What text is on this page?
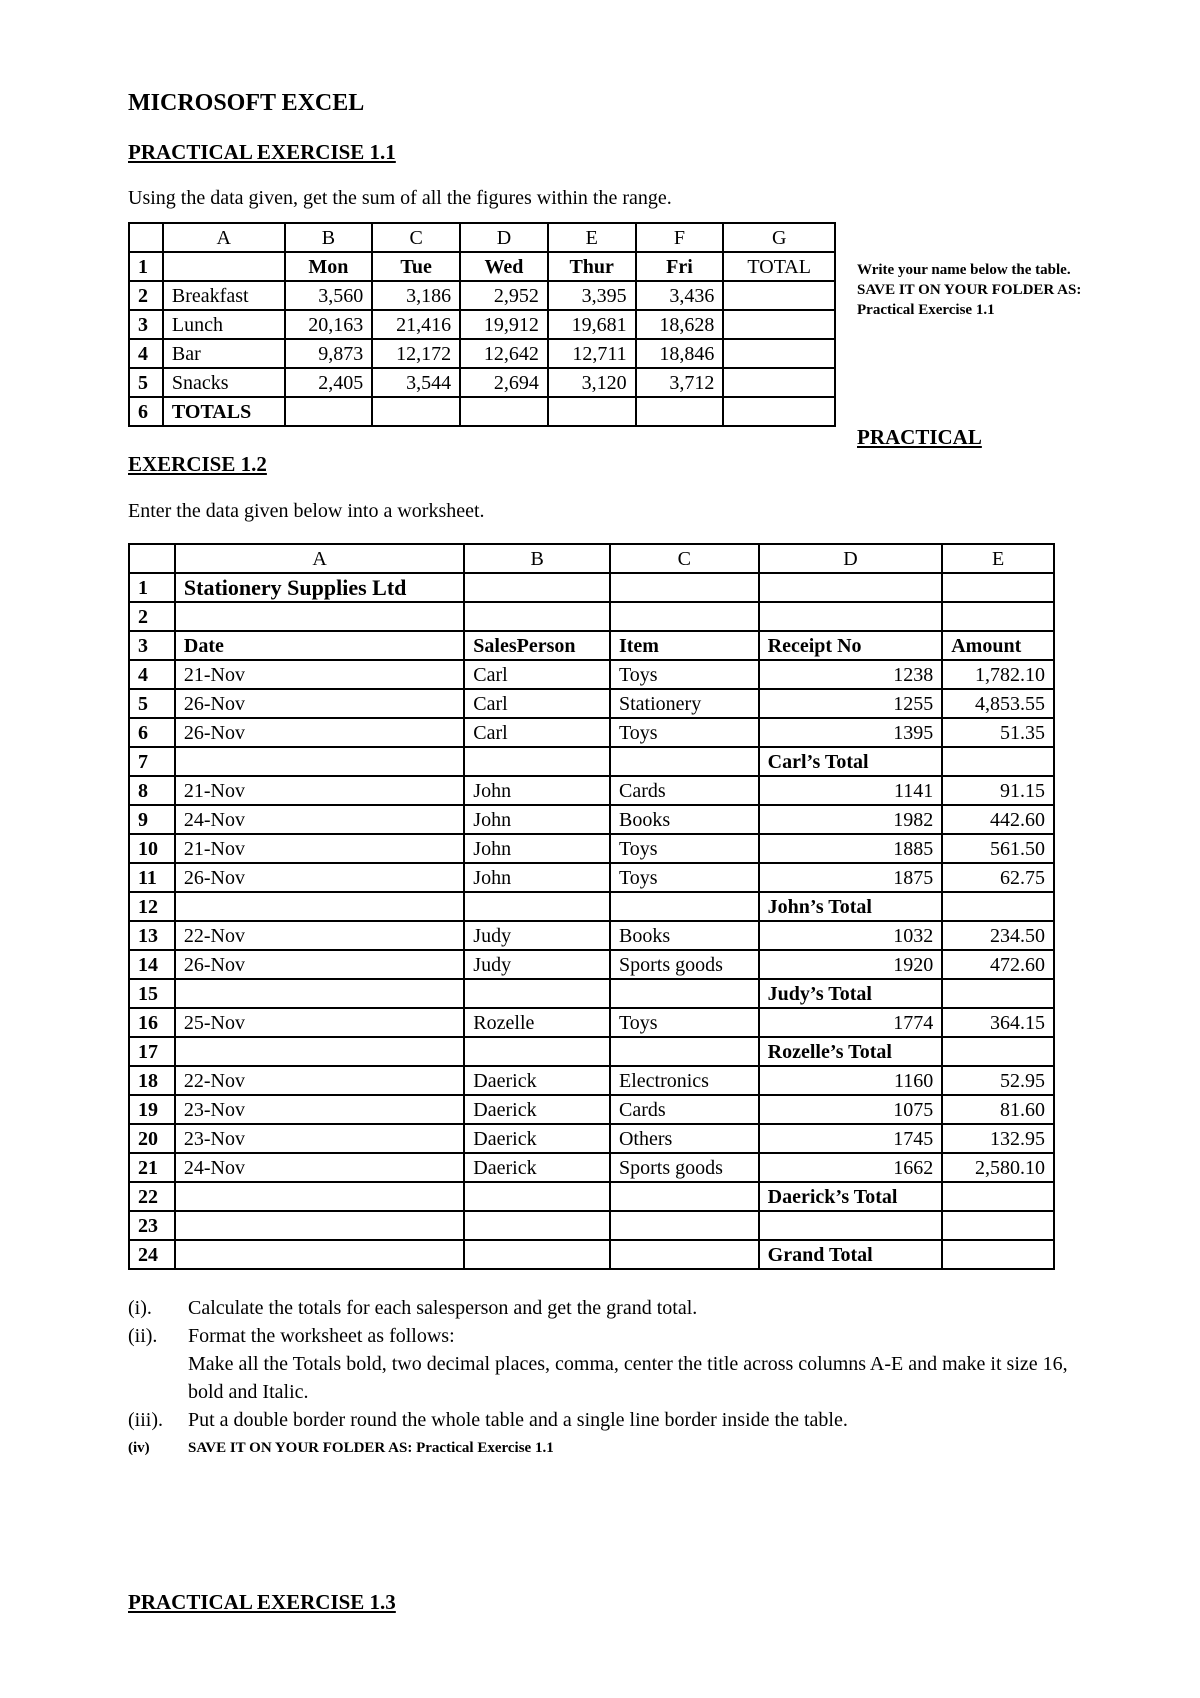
MICROSOFT EXCEL
PRACTICAL EXERCISE 1.1
Using the data given, get the sum of all the figures within the range.
	A	B	C	D	E	F	G
1		Mon	Tue	Wed	Thur	Fri	TOTAL
2	Breakfast	3,560	3,186	2,952	3,395	3,436	
3	Lunch	20,163	21,416	19,912	19,681	18,628	
4	Bar	9,873	12,172	12,642	12,711	18,846	
5	Snacks	2,405	3,544	2,694	3,120	3,712	
6	TOTALS						
Write your name below the table.
SAVE IT ON YOUR FOLDER AS: Practical Exercise 1.1
PRACTICAL
EXERCISE 1.2
Enter the data given below into a worksheet.
	A	B	C	D	E
1	Stationery Supplies Ltd				
2					
3	Date	SalesPerson	Item	Receipt No	Amount
4	21-Nov	Carl	Toys	1238	1,782.10
5	26-Nov	Carl	Stationery	1255	4,853.55
6	26-Nov	Carl	Toys	1395	51.35
7				Carl’s Total	
8	21-Nov	John	Cards	1141	91.15
9	24-Nov	John	Books	1982	442.60
10	21-Nov	John	Toys	1885	561.50
11	26-Nov	John	Toys	1875	62.75
12				John’s Total	
13	22-Nov	Judy	Books	1032	234.50
14	26-Nov	Judy	Sports goods	1920	472.60
15				Judy’s Total	
16	25-Nov	Rozelle	Toys	1774	364.15
17				Rozelle’s Total	
18	22-Nov	Daerick	Electronics	1160	52.95
19	23-Nov	Daerick	Cards	1075	81.60
20	23-Nov	Daerick	Others	1745	132.95
21	24-Nov	Daerick	Sports goods	1662	2,580.10
22				Daerick’s Total	
23					
24				Grand Total	
(i). Calculate the totals for each salesperson and get the grand total.
(ii). Format the worksheet as follows:
Make all the Totals bold, two decimal places, comma, center the title across columns A-E and make it size 16, bold and Italic.
(iii). Put a double border round the whole table and a single line border inside the table.
(iv)	SAVE IT ON YOUR FOLDER AS: Practical Exercise 1.1
PRACTICAL EXERCISE 1.3
